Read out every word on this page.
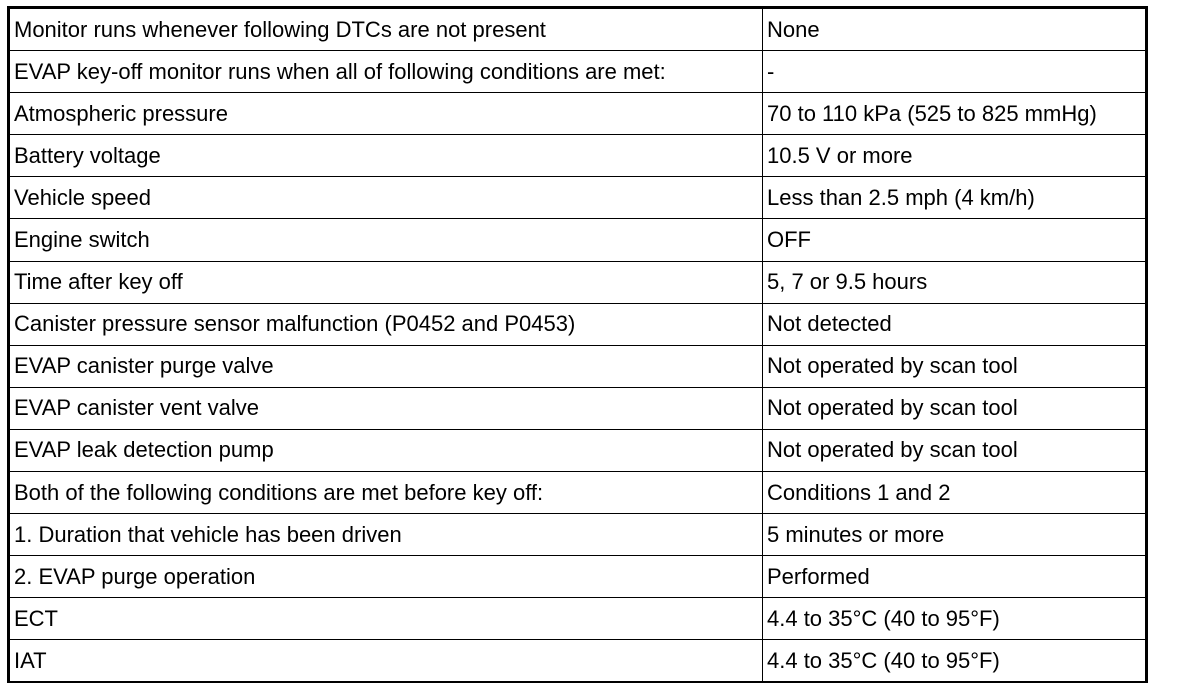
Monitor runs whenever following DTCs are not present	None
EVAP key-off monitor runs when all of following conditions are met:	-
Atmospheric pressure	70 to 110 kPa (525 to 825 mmHg)
Battery voltage	10.5 V or more
Vehicle speed	Less than 2.5 mph (4 km/h)
Engine switch	OFF
Time after key off	5, 7 or 9.5 hours
Canister pressure sensor malfunction (P0452 and P0453)	Not detected
EVAP canister purge valve	Not operated by scan tool
EVAP canister vent valve	Not operated by scan tool
EVAP leak detection pump	Not operated by scan tool
Both of the following conditions are met before key off:	Conditions 1 and 2
1. Duration that vehicle has been driven	5 minutes or more
2. EVAP purge operation	Performed
ECT	4.4 to 35°C (40 to 95°F)
IAT	4.4 to 35°C (40 to 95°F)
